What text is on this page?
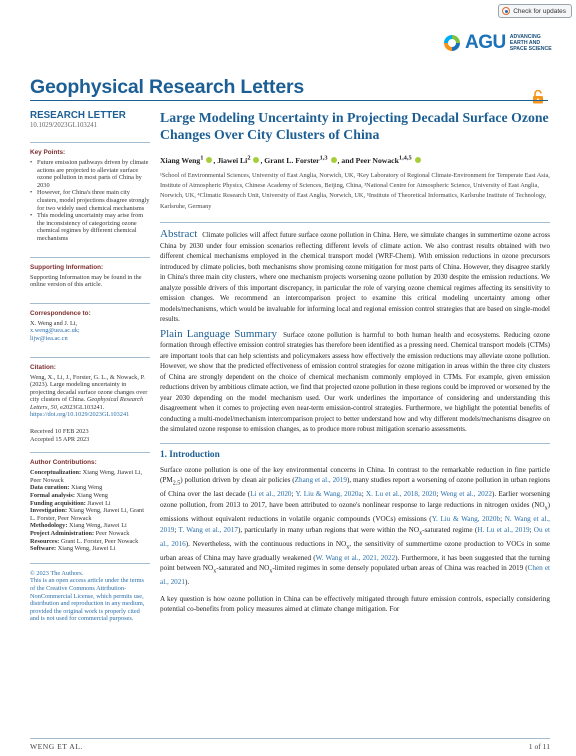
Check for updates
AGU ADVANCING
EARTH AND
SPACE SCIENCE
Geophysical Research Letters
RESEARCH LETTER
10.1029/2023GL103241
Key Points:
• Future emission pathways driven by climate actions are projected to alleviate surface ozone pollution in most parts of China by 2030
• However, for China's three main city clusters, model projections disagree strongly for two widely used chemical mechanisms
• This modeling uncertainty may arise from the inconsistency of categorizing ozone chemical regimes by different chemical mechanisms
Supporting Information:
Supporting Information may be found in the online version of this article.
Correspondence to:
X. Weng and J. Li,
x.weng@uea.ac.uk;
lijw@iea.ac.cn
Citation:
Weng, X., Li, J., Forster, G. L., & Nowack, P. (2023). Large modeling uncertainty in projecting decadal surface ozone changes over city clusters of China. Geophysical Research Letters, 50, e2023GL103241. https://doi.org/10.1029/2023GL103241
Received 10 FEB 2023
Accepted 15 APR 2023
Author Contributions:
Conceptualization: Xiang Weng, Jiawei Li, Peer Nowack
Data curation: Xiang Weng
Formal analysis: Xiang Weng
Funding acquisition: Jiawei Li
Investigation: Xiang Weng, Jiawei Li, Grant L. Forster, Peer Nowack
Methodology: Xiang Weng, Jiawei Li
Project Administration: Peer Nowack
Resources: Grant L. Forster, Peer Nowack
Software: Xiang Weng, Jiawei Li
© 2023 The Authors.
This is an open access article under the terms of the Creative Commons Attribution-NonCommercial License, which permits use, distribution and reproduction in any medium, provided the original work is properly cited and is not used for commercial purposes.
Large Modeling Uncertainty in Projecting Decadal Surface Ozone Changes Over City Clusters of China
Xiang Weng$^1$ , Jiawei Li$^2$ , Grant L. Forster$^{1,3}$ , and Peer Nowack$^{1,4,5}$
¹School of Environmental Sciences, University of East Anglia, Norwich, UK, ²Key Laboratory of Regional Climate-Environment for Temperate East Asia, Institute of Atmospheric Physics, Chinese Academy of Sciences, Beijing, China, ³National Centre for Atmospheric Science, University of East Anglia, Norwich, UK, ⁴Climatic Research Unit, University of East Anglia, Norwich, UK, ⁵Institute of Theoretical Informatics, Karlsruhe Institute of Technology, Karlsruhe, Germany
Abstract Climate policies will affect future surface ozone pollution in China. Here, we simulate changes in summertime ozone across China by 2030 under four emission scenarios reflecting different levels of climate action. We also contrast results obtained with two different chemical mechanisms employed in the chemical transport model (WRF-Chem). With emission reductions in ozone precursors introduced by climate policies, both mechanisms show promising ozone mitigation for most parts of China. However, they disagree starkly in China's three main city clusters, where one mechanism projects worsening ozone pollution by 2030 despite the emission reductions. We analyze possible drivers of this important discrepancy, in particular the role of varying ozone chemical regimes affecting its sensitivity to emission changes. We recommend an intercomparison project to examine this critical modeling uncertainty among other models/mechanisms, which would be invaluable for informing local and regional emission control strategies that are based on single-model results.
Plain Language Summary Surface ozone pollution is harmful to both human health and ecosystems. Reducing ozone formation through effective emission control strategies has therefore been identified as a pressing need. Chemical transport models (CTMs) are important tools that can help scientists and policymakers assess how effectively the emission reductions may alleviate ozone pollution. However, we show that the predicted effectiveness of emission control strategies for ozone mitigation in areas within the three city clusters of China are strongly dependent on the choice of chemical mechanism commonly employed in CTMs. For example, given emission reductions driven by ambitious climate action, we find that projected ozone pollution in these regions could be improved or worsened by the year 2030 depending on the model mechanism used. Our work underlines the importance of considering and understanding this disagreement when it comes to projecting even near-term emission-control strategies. Furthermore, we highlight the potential benefits of conducting a multi-model/mechanism intercomparison project to better understand how and why different models/mechanisms disagree on the simulated ozone response to emission changes, as to produce more robust mitigation scenario assessments.
1. Introduction

Surface ozone pollution is one of the key environmental concerns in China. In contrast to the remarkable reduction in fine particle $(PM_{2.5})$ pollution driven by clean air policies (Zhang et al., 2019), many studies report a worsening of ozone pollution in urban regions of China over the last decade (Li et al., 2020; Y. Liu & Wang, 2020a; X. Lu et al., 2018, 2020; Weng et al., 2022). Earlier worsening ozone pollution, from 2013 to 2017, have been attributed to ozone's nonlinear response to large reductions in nitrogen oxides $(NO_x)$ emissions without equivalent reductions in volatile organic compounds (VOCs) emissions (Y. Liu & Wang, 2020b; N. Wang et al., 2019; T. Wang et al., 2017), particularly in many urban regions that were within the $NO_x$-saturated regime (H. Lu et al., 2019; Ou et al., 2016). Nevertheless, with the continuous reductions in $NO_x$, the sensitivity of summertime ozone production to VOCs in some urban areas of China may have gradually weakened (W. Wang et al., 2021, 2022). Furthermore, it has been suggested that the turning point between $NO_x$-saturated and $NO_x$-limited regimes in some densely populated urban areas of China was reached in 2019 (Chen et al., 2021).

A key question is how ozone pollution in China can be effectively mitigated through future emission controls, especially considering potential co-benefits from policy measures aimed at climate change mitigation. For

WENG ET AL.	1 of 11
